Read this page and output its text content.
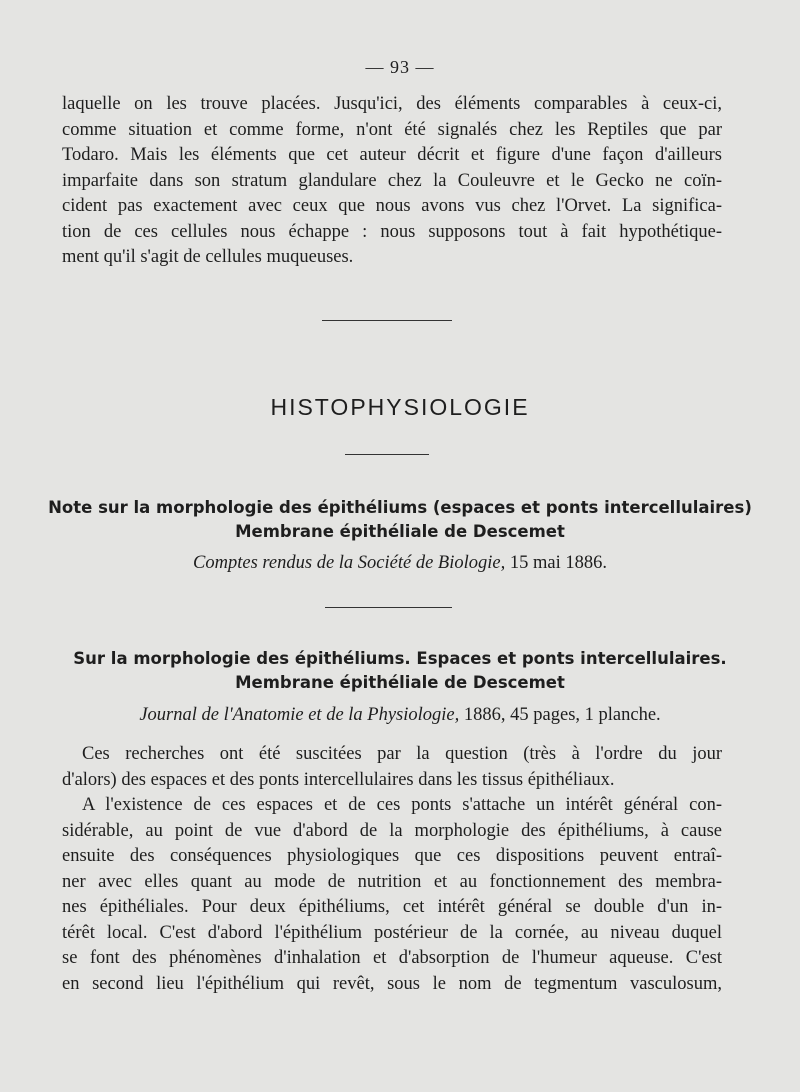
— 93 —
laquelle on les trouve placées. Jusqu'ici, des éléments comparables à ceux-ci,
comme situation et comme forme, n'ont été signalés chez les Reptiles que par
Todaro. Mais les éléments que cet auteur décrit et figure d'une façon d'ailleurs
imparfaite dans son stratum glandulare chez la Couleuvre et le Gecko ne coïn-
cident pas exactement avec ceux que nous avons vus chez l'Orvet. La significa-
tion de ces cellules nous échappe : nous supposons tout à fait hypothétique-
ment qu'il s'agit de cellules muqueuses.
HISTOPHYSIOLOGIE
Note sur la morphologie des épithéliums (espaces et ponts intercellulaires)
Membrane épithéliale de Descemet

Comptes rendus de la Société de Biologie, 15 mai 1886.

Sur la morphologie des épithéliums. Espaces et ponts intercellulaires.
Membrane épithéliale de Descemet

Journal de l'Anatomie et de la Physiologie, 1886, 45 pages, 1 planche.

Ces recherches ont été suscitées par la question (très à l'ordre du jour
d'alors) des espaces et des ponts intercellulaires dans les tissus épithéliaux.
A l'existence de ces espaces et de ces ponts s'attache un intérêt général con-
sidérable, au point de vue d'abord de la morphologie des épithéliums, à cause
ensuite des conséquences physiologiques que ces dispositions peuvent entraî-
ner avec elles quant au mode de nutrition et au fonctionnement des membra-
nes épithéliales. Pour deux épithéliums, cet intérêt général se double d'un in-
térêt local. C'est d'abord l'épithélium postérieur de la cornée, au niveau duquel
se font des phénomènes d'inhalation et d'absorption de l'humeur aqueuse. C'est
en second lieu l'épithélium qui revêt, sous le nom de tegmentum vasculosum,
